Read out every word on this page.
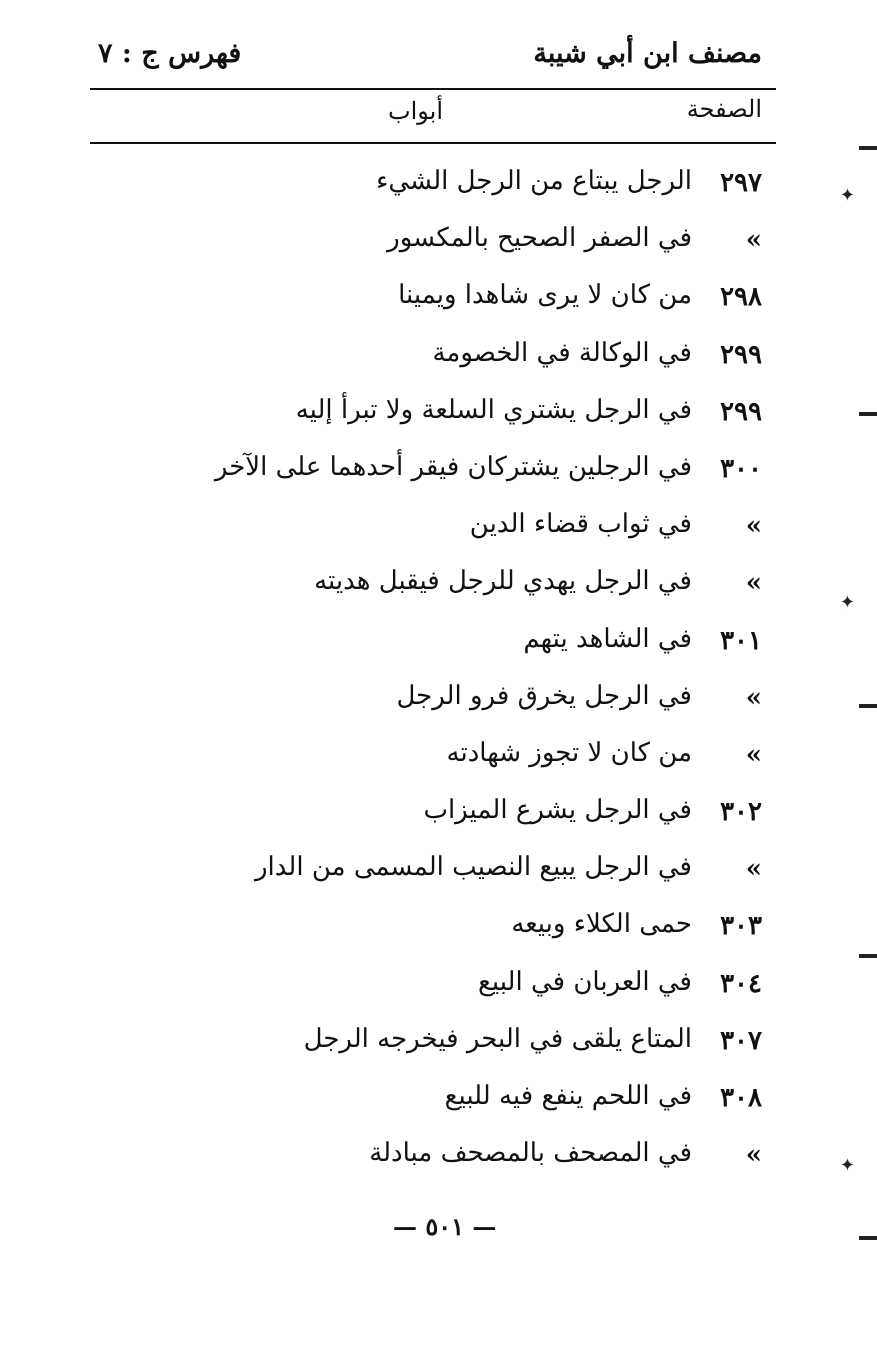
مصنف ابن أبي شيبة
فهرس ج : ٧
الصفحة
أبواب
٢٩٧
الرجل يبتاع من الرجل الشيء
»
في الصفر الصحيح بالمكسور
٢٩٨
من كان لا يرى شاهدا ويمينا
٢٩٩
في الوكالة في الخصومة
٢٩٩
في الرجل يشتري السلعة ولا تبرأ إليه
٣٠٠
في الرجلين يشتركان فيقر أحدهما على الآخر
»
في ثواب قضاء الدين
»
في الرجل يهدي للرجل فيقبل هديته
٣٠١
في الشاهد يتهم
»
في الرجل يخرق فرو الرجل
»
من كان لا تجوز شهادته
٣٠٢
في الرجل يشرع الميزاب
»
في الرجل يبيع النصيب المسمى من الدار
٣٠٣
حمى الكلاء وبيعه
٣٠٤
في العربان في البيع
٣٠٧
المتاع يلقى في البحر فيخرجه الرجل
٣٠٨
في اللحم ينفع فيه للبيع
»
في المصحف بالمصحف مبادلة
— ٥٠١ —
✦
✦
✦
